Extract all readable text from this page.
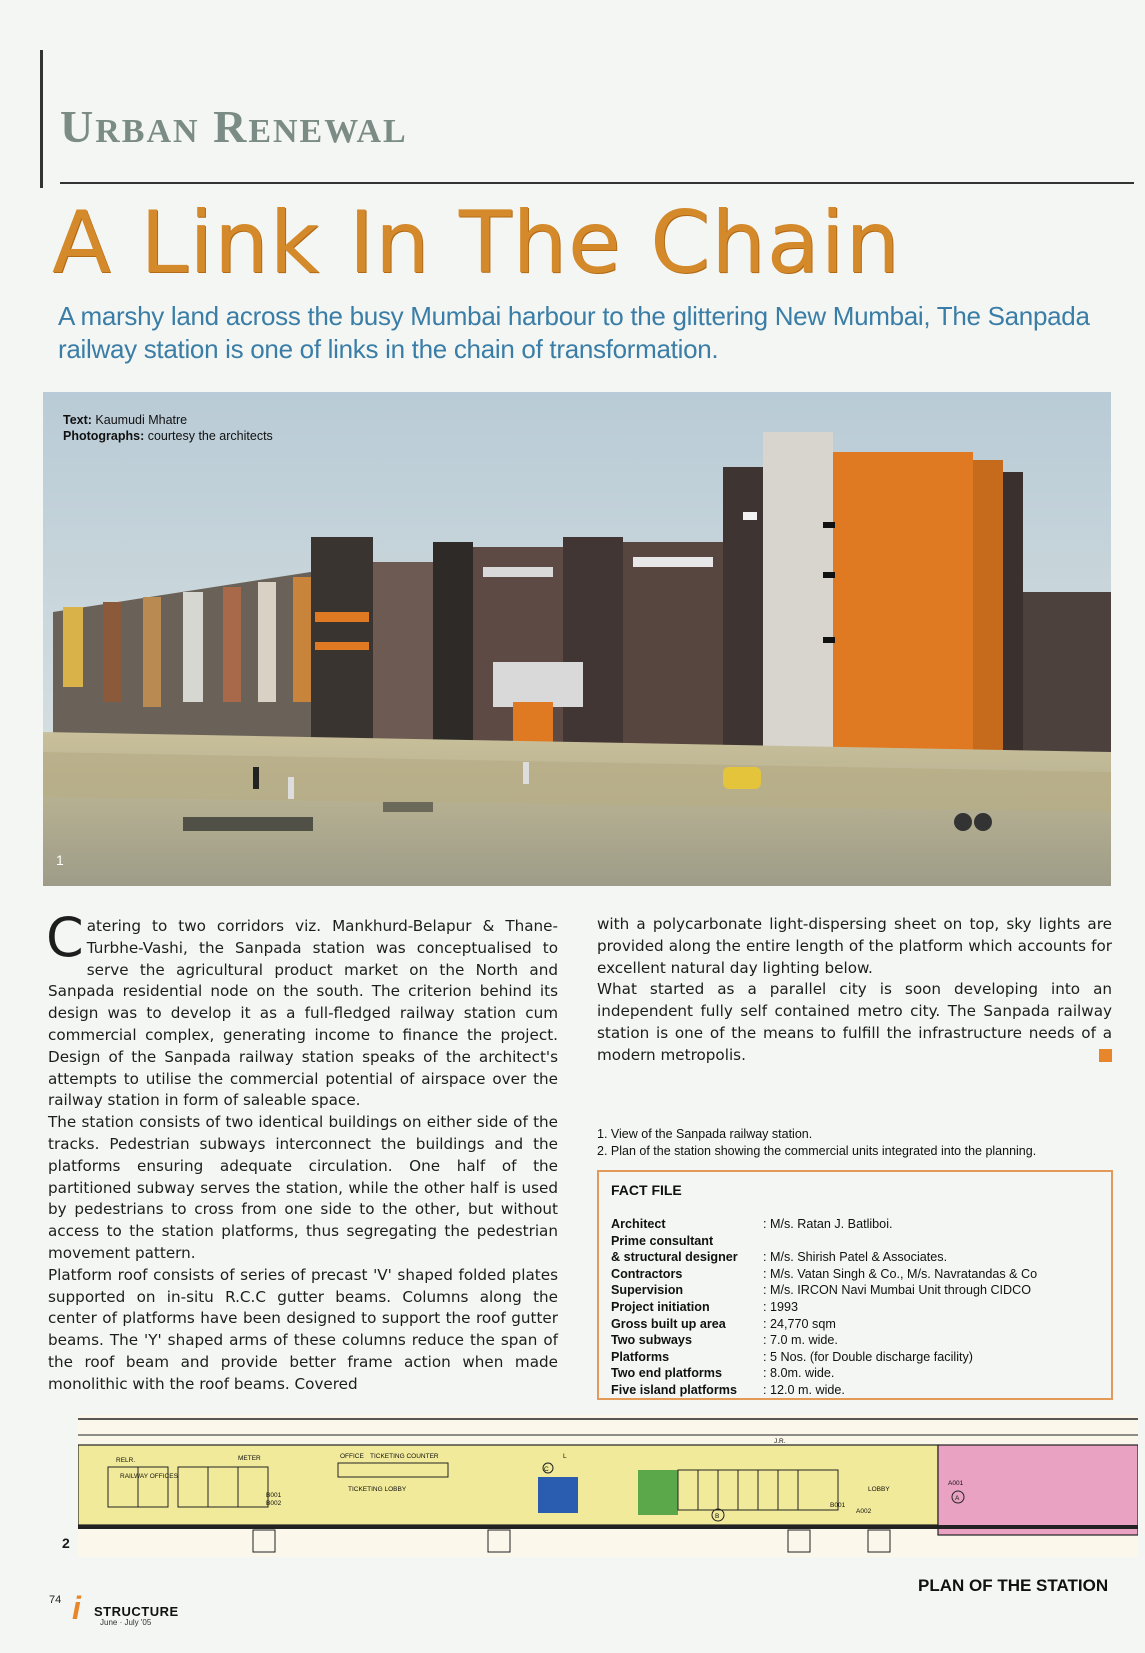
URBAN RENEWAL
A Link In The Chain
A marshy land across the busy Mumbai harbour to the glittering New Mumbai, The Sanpada railway station is one of links in the chain of transformation.
Text: Kaumudi Mhatre
Photographs: courtesy the architects
1

Catering to two corridors viz. Mankhurd-Belapur & Thane-Turbhe-Vashi, the Sanpada station was conceptualised to serve the agricultural product market on the North and Sanpada residential node on the south. The criterion behind its design was to develop it as a full-fledged railway station cum commercial complex, generating income to finance the project. Design of the Sanpada railway station speaks of the architect's attempts to utilise the commercial potential of airspace over the railway station in form of saleable space.

The station consists of two identical buildings on either side of the tracks. Pedestrian subways interconnect the buildings and the platforms ensuring adequate circulation. One half of the partitioned subway serves the station, while the other half is used by pedestrians to cross from one side to the other, but without access to the station platforms, thus segregating the pedestrian movement pattern.

Platform roof consists of series of precast 'V' shaped folded plates supported on in-situ R.C.C gutter beams. Columns along the center of platforms have been designed to support the roof gutter beams. The 'Y' shaped arms of these columns reduce the span of the roof beam and provide better frame action when made monolithic with the roof beams. Covered

with a polycarbonate light-dispersing sheet on top, sky lights are provided along the entire length of the platform which accounts for excellent natural day lighting below.

What started as a parallel city is soon developing into an independent fully self contained metro city. The Sanpada railway station is one of the means to fulfill the infrastructure needs of a modern metropolis.

1. View of the Sanpada railway station.
2. Plan of the station showing the commercial units integrated into the planning.
FACT FILE
Architect	: M/s. Ratan J. Batliboi.
Prime consultant
& structural designer	: M/s. Shirish Patel & Associates.
Contractors	: M/s. Vatan Singh & Co., M/s. Navratandas & Co
Supervision	: M/s. IRCON Navi Mumbai Unit through CIDCO
Project initiation	: 1993
Gross built up area	: 24,770 sqm
Two subways	: 7.0 m. wide.
Platforms	: 5 Nos. (for Double discharge facility)
Two end platforms	: 8.0m. wide.
Five island platforms	: 12.0 m. wide.
RELR.
RAILWAY OFFICES
METER	OFFICE TICKETING COUNTER
TICKETING LOBBY
B001
B002
L
C
J.R.
B
LOBBY
A001
A002
A
B001
2
PLAN OF THE STATION
74 i STRUCTURE
June · July '05
